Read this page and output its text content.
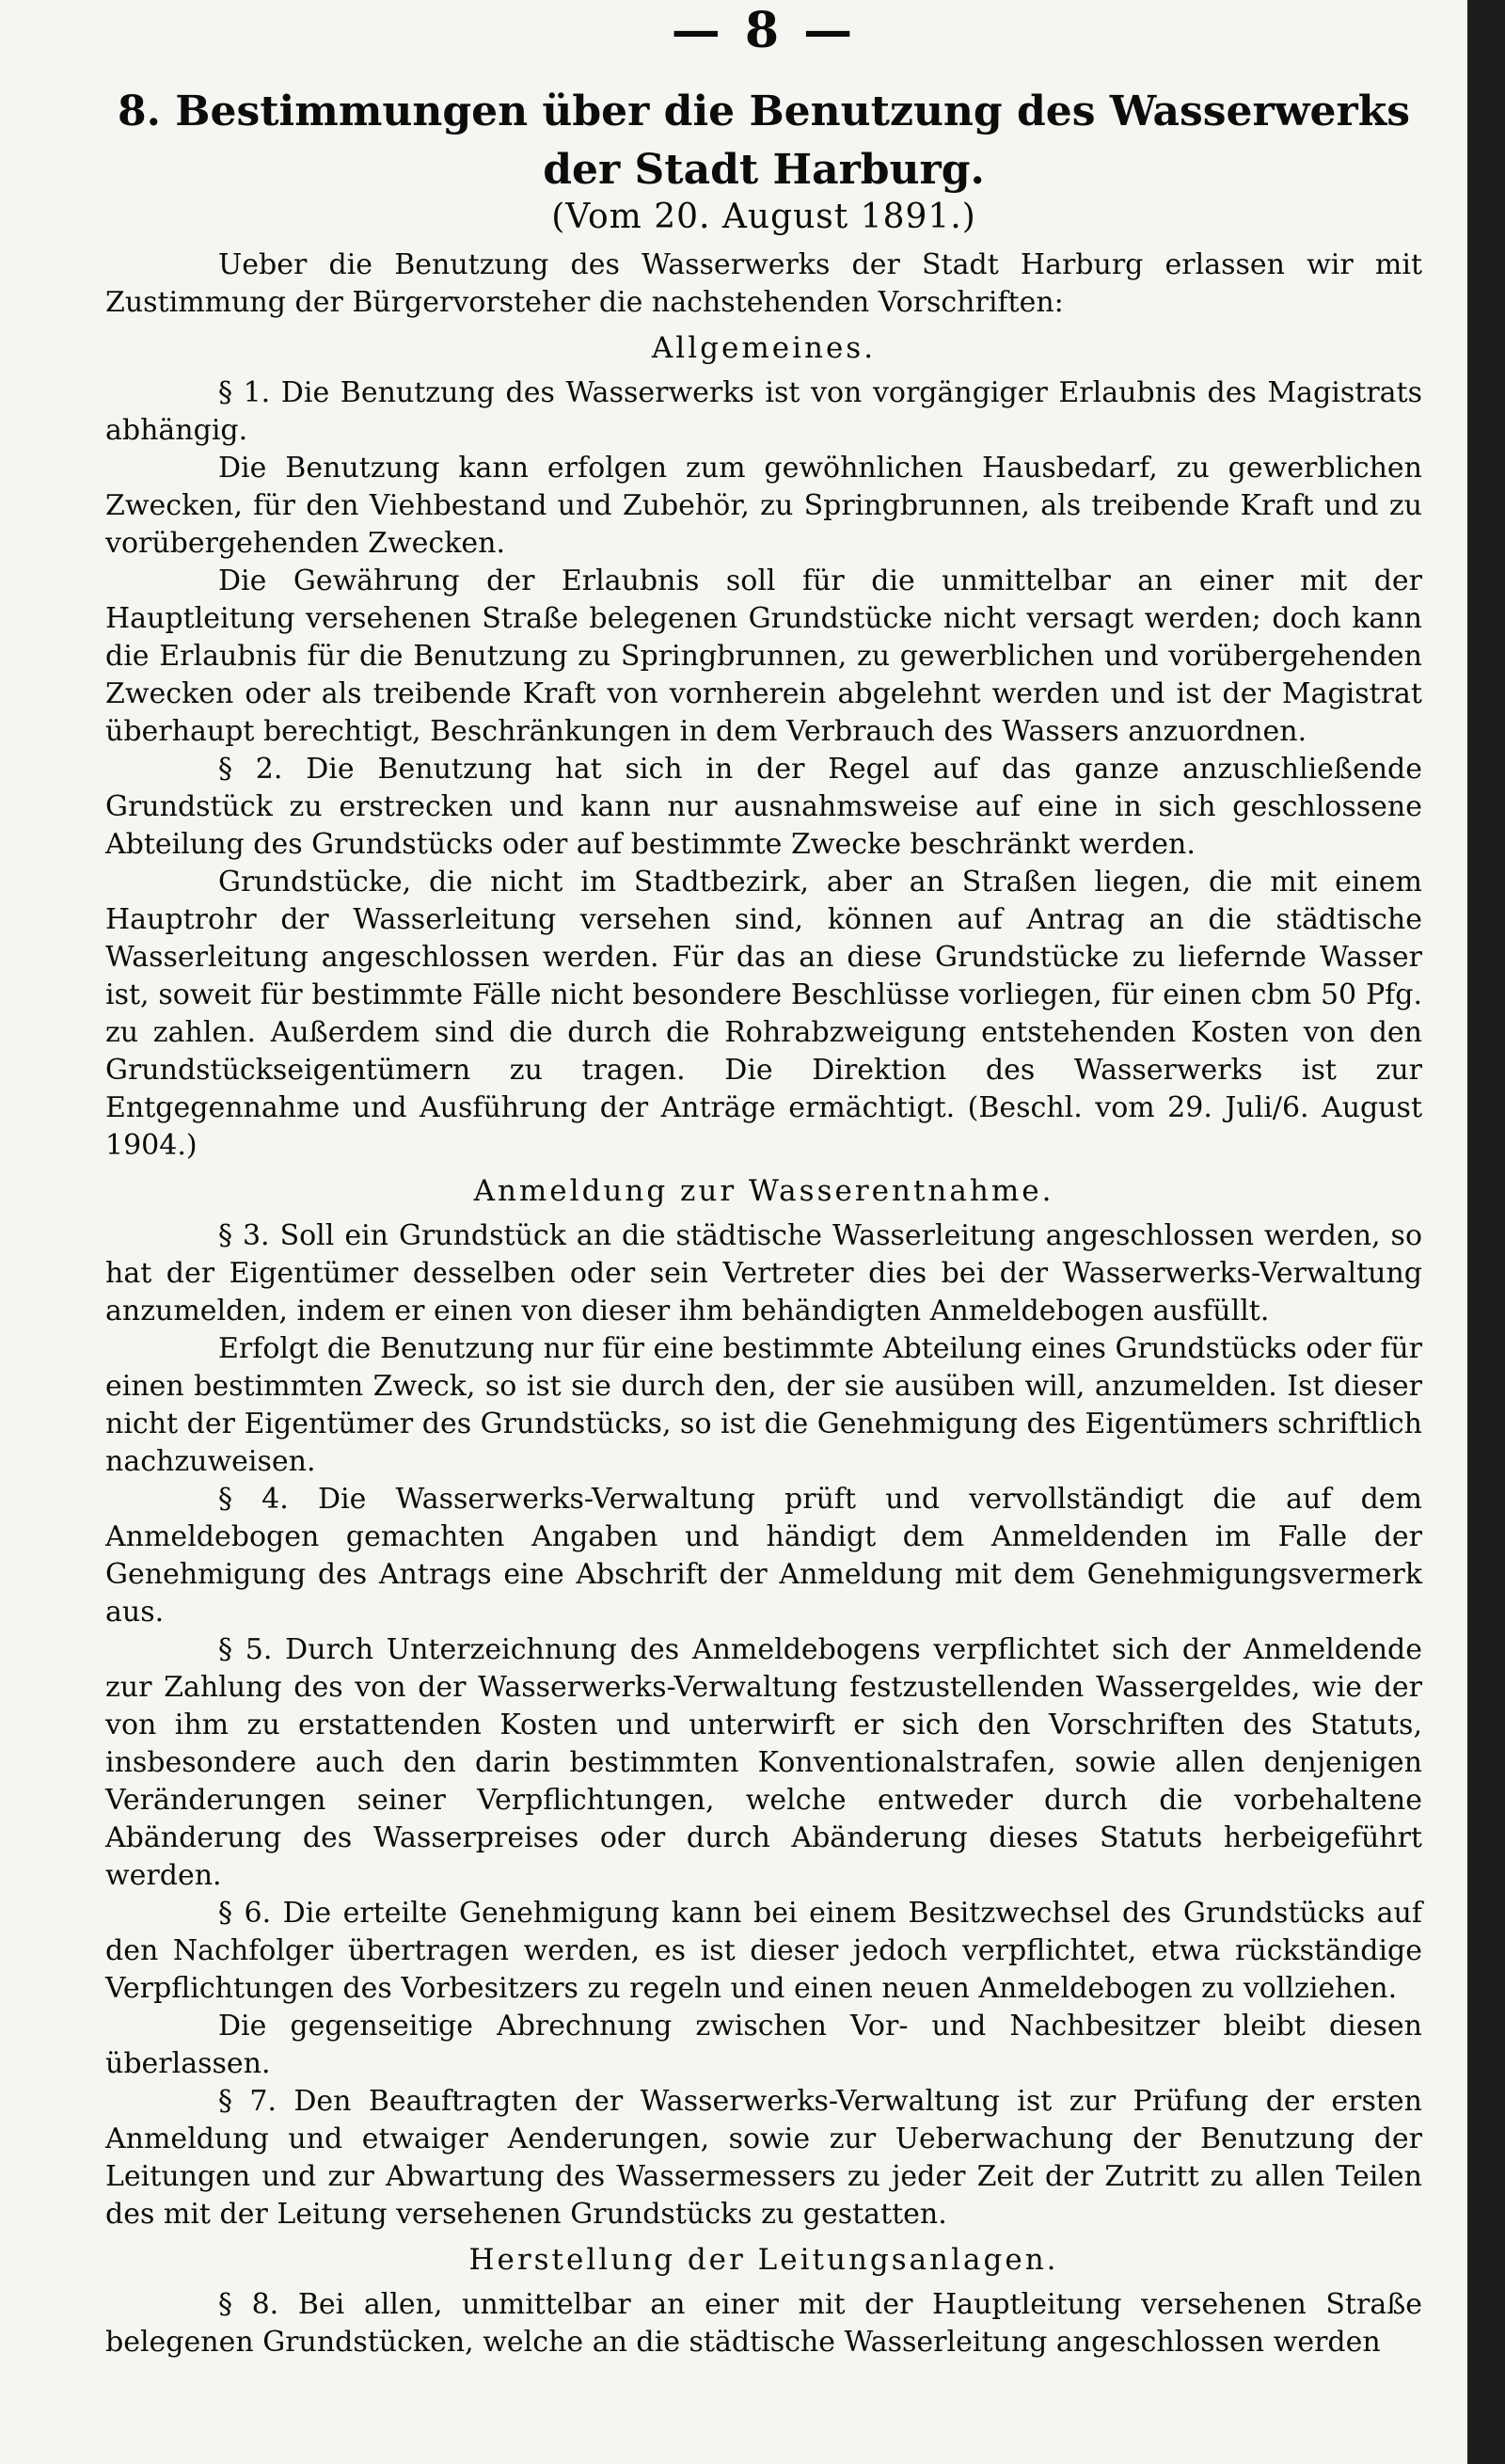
— 8 —
8. Bestimmungen über die Benutzung des Wasserwerks
der Stadt Harburg.
(Vom 20. August 1891.)

Ueber die Benutzung des Wasserwerks der Stadt Harburg erlassen wir mit Zustimmung der Bürgervorsteher die nachstehenden Vorschriften:

Allgemeines.

§ 1. Die Benutzung des Wasserwerks ist von vorgängiger Erlaubnis des Magistrats abhängig.

Die Benutzung kann erfolgen zum gewöhnlichen Hausbedarf, zu gewerblichen Zwecken, für den Viehbestand und Zubehör, zu Springbrunnen, als treibende Kraft und zu vorübergehenden Zwecken.

Die Gewährung der Erlaubnis soll für die unmittelbar an einer mit der Hauptleitung versehenen Straße belegenen Grundstücke nicht versagt werden; doch kann die Erlaubnis für die Benutzung zu Springbrunnen, zu gewerblichen und vorübergehenden Zwecken oder als treibende Kraft von vornherein abgelehnt werden und ist der Magistrat überhaupt berechtigt, Beschränkungen in dem Verbrauch des Wassers anzuordnen.

§ 2. Die Benutzung hat sich in der Regel auf das ganze anzuschließende Grundstück zu erstrecken und kann nur ausnahmsweise auf eine in sich geschlossene Abteilung des Grundstücks oder auf bestimmte Zwecke beschränkt werden.

Grundstücke, die nicht im Stadtbezirk, aber an Straßen liegen, die mit einem Hauptrohr der Wasserleitung versehen sind, können auf Antrag an die städtische Wasserleitung angeschlossen werden. Für das an diese Grundstücke zu liefernde Wasser ist, soweit für bestimmte Fälle nicht besondere Beschlüsse vorliegen, für einen cbm 50 Pfg. zu zahlen. Außerdem sind die durch die Rohrabzweigung entstehenden Kosten von den Grundstückseigentümern zu tragen. Die Direktion des Wasserwerks ist zur Entgegennahme und Ausführung der Anträge ermächtigt. (Beschl. vom 29. Juli/6. August 1904.)

Anmeldung zur Wasserentnahme.

§ 3. Soll ein Grundstück an die städtische Wasserleitung angeschlossen werden, so hat der Eigentümer desselben oder sein Vertreter dies bei der Wasserwerks-Verwaltung anzumelden, indem er einen von dieser ihm behändigten Anmeldebogen ausfüllt.

Erfolgt die Benutzung nur für eine bestimmte Abteilung eines Grundstücks oder für einen bestimmten Zweck, so ist sie durch den, der sie ausüben will, anzumelden. Ist dieser nicht der Eigentümer des Grundstücks, so ist die Genehmigung des Eigentümers schriftlich nachzuweisen.

§ 4. Die Wasserwerks-Verwaltung prüft und vervollständigt die auf dem Anmeldebogen gemachten Angaben und händigt dem Anmeldenden im Falle der Genehmigung des Antrags eine Abschrift der Anmeldung mit dem Genehmigungsvermerk aus.

§ 5. Durch Unterzeichnung des Anmeldebogens verpflichtet sich der Anmeldende zur Zahlung des von der Wasserwerks-Verwaltung festzustellenden Wassergeldes, wie der von ihm zu erstattenden Kosten und unterwirft er sich den Vorschriften des Statuts, insbesondere auch den darin bestimmten Konventionalstrafen, sowie allen denjenigen Veränderungen seiner Verpflichtungen, welche entweder durch die vorbehaltene Abänderung des Wasserpreises oder durch Abänderung dieses Statuts herbeigeführt werden.

§ 6. Die erteilte Genehmigung kann bei einem Besitzwechsel des Grundstücks auf den Nachfolger übertragen werden, es ist dieser jedoch verpflichtet, etwa rückständige Verpflichtungen des Vorbesitzers zu regeln und einen neuen Anmeldebogen zu vollziehen.

Die gegenseitige Abrechnung zwischen Vor- und Nachbesitzer bleibt diesen überlassen.

§ 7. Den Beauftragten der Wasserwerks-Verwaltung ist zur Prüfung der ersten Anmeldung und etwaiger Aenderungen, sowie zur Ueberwachung der Benutzung der Leitungen und zur Abwartung des Wassermessers zu jeder Zeit der Zutritt zu allen Teilen des mit der Leitung versehenen Grundstücks zu gestatten.

Herstellung der Leitungsanlagen.

§ 8. Bei allen, unmittelbar an einer mit der Hauptleitung versehenen Straße belegenen Grundstücken, welche an die städtische Wasserleitung angeschlossen werden
